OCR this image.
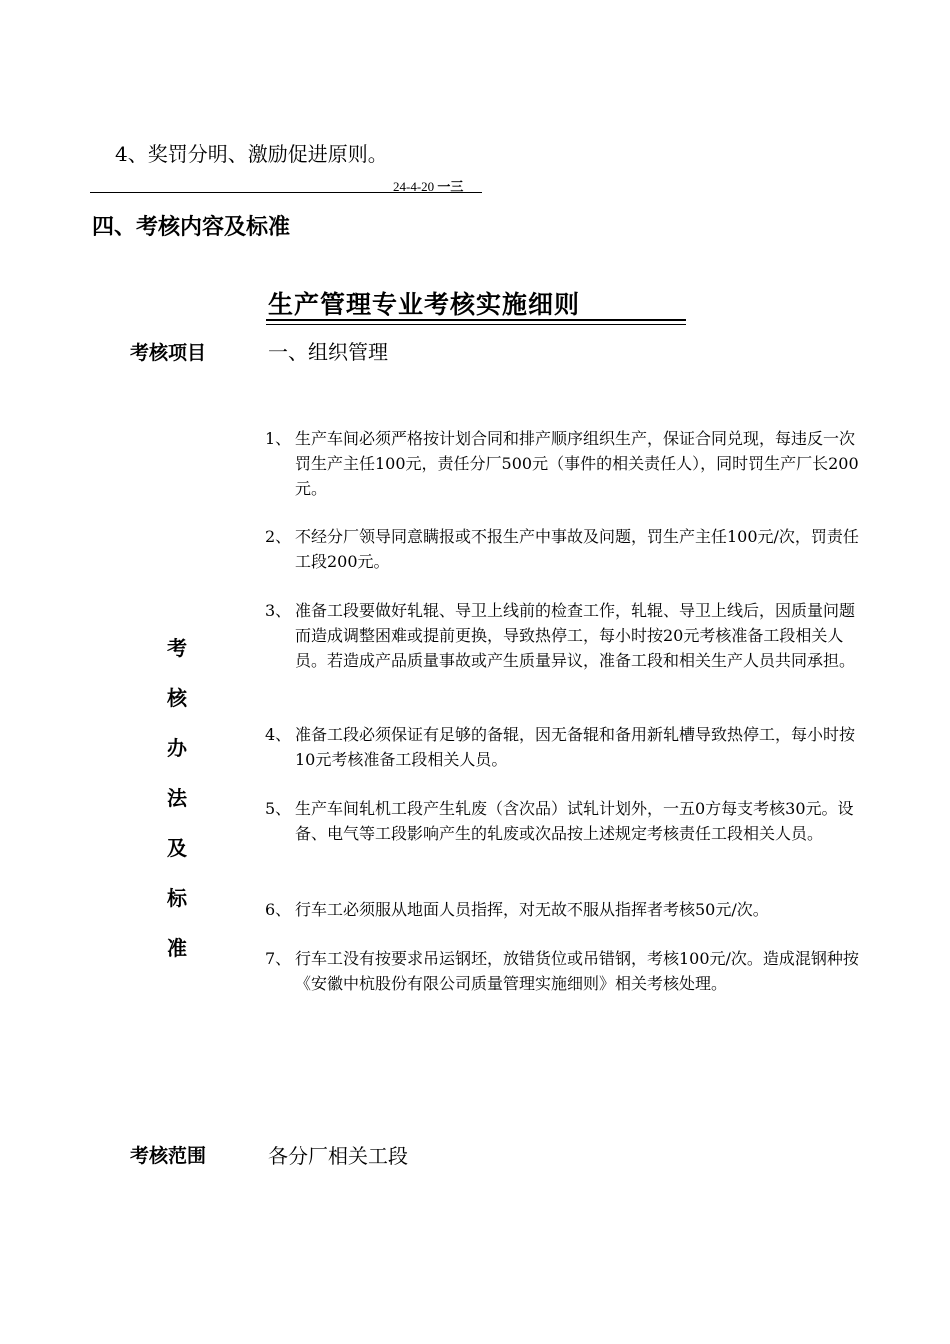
4、奖罚分明、激励促进原则。
24-4-20 一三
四、考核内容及标准
生产管理专业考核实施细则
考核项目	一、组织管理
考
核
办
法
及
标
准
1、 生产车间必须严格按计划合同和排产顺序组织生产，保证合同兑现，每违反一次罚生产主任100元，责任分厂500元（事件的相关责任人），同时罚生产厂长200元。
2、 不经分厂领导同意瞒报或不报生产中事故及问题，罚生产主任100元/次，罚责任工段200元。
3、 准备工段要做好轧辊、导卫上线前的检查工作，轧辊、导卫上线后，因质量问题而造成调整困难或提前更换，导致热停工，每小时按20元考核准备工段相关人员。若造成产品质量事故或产生质量异议，准备工段和相关生产人员共同承担。
4、 准备工段必须保证有足够的备辊，因无备辊和备用新轧槽导致热停工，每小时按10元考核准备工段相关人员。
5、 生产车间轧机工段产生轧废（含次品）试轧计划外，一五0方每支考核30元。设备、电气等工段影响产生的轧废或次品按上述规定考核责任工段相关人员。
6、 行车工必须服从地面人员指挥，对无故不服从指挥者考核50元/次。
7、 行车工没有按要求吊运钢坯，放错货位或吊错钢，考核100元/次。造成混钢种按《安徽中杭股份有限公司质量管理实施细则》相关考核处理。
考核范围	各分厂相关工段
